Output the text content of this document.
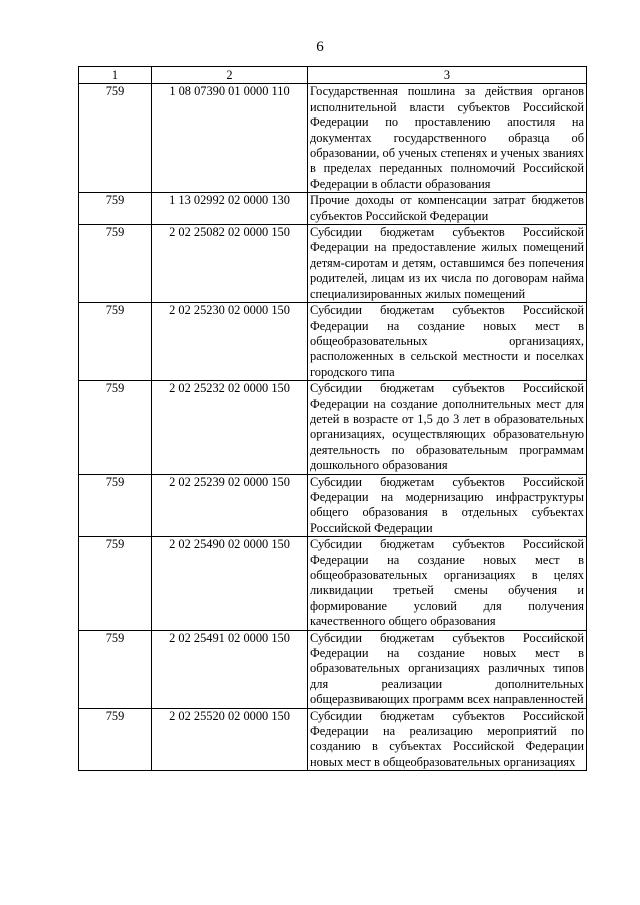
6
1	2	3
759	1 08 07390 01 0000 110	Государственная пошлина за действия органов исполнительной власти субъектов Российской Федерации по проставлению апостиля на документах государственного образца об образовании, об ученых степенях и ученых званиях в пределах переданных полномочий Российской Федерации в области образования
759	1 13 02992 02 0000 130	Прочие доходы от компенсации затрат бюджетов субъектов Российской Федерации
759	2 02 25082 02 0000 150	Субсидии бюджетам субъектов Российской Федерации на предоставление жилых помещений детям-сиротам и детям, оставшимся без попечения родителей, лицам из их числа по договорам найма специализированных жилых помещений
759	2 02 25230 02 0000 150	Субсидии бюджетам субъектов Российской Федерации на создание новых мест в общеобразовательных организациях, расположенных в сельской местности и поселках городского типа
759	2 02 25232 02 0000 150	Субсидии бюджетам субъектов Российской Федерации на создание дополнительных мест для детей в возрасте от 1,5 до 3 лет в образовательных организациях, осуществляющих образовательную деятельность по образовательным программам дошкольного образования
759	2 02 25239 02 0000 150	Субсидии бюджетам субъектов Российской Федерации на модернизацию инфраструктуры общего образования в отдельных субъектах Российской Федерации
759	2 02 25490 02 0000 150	Субсидии бюджетам субъектов Российской Федерации на создание новых мест в общеобразовательных организациях в целях ликвидации третьей смены обучения и формирование условий для получения качественного общего образования
759	2 02 25491 02 0000 150	Субсидии бюджетам субъектов Российской Федерации на создание новых мест в образовательных организациях различных типов для реализации дополнительных общеразвивающих программ всех направленностей
759	2 02 25520 02 0000 150	Субсидии бюджетам субъектов Российской Федерации на реализацию мероприятий по созданию в субъектах Российской Федерации новых мест в общеобразовательных организациях
